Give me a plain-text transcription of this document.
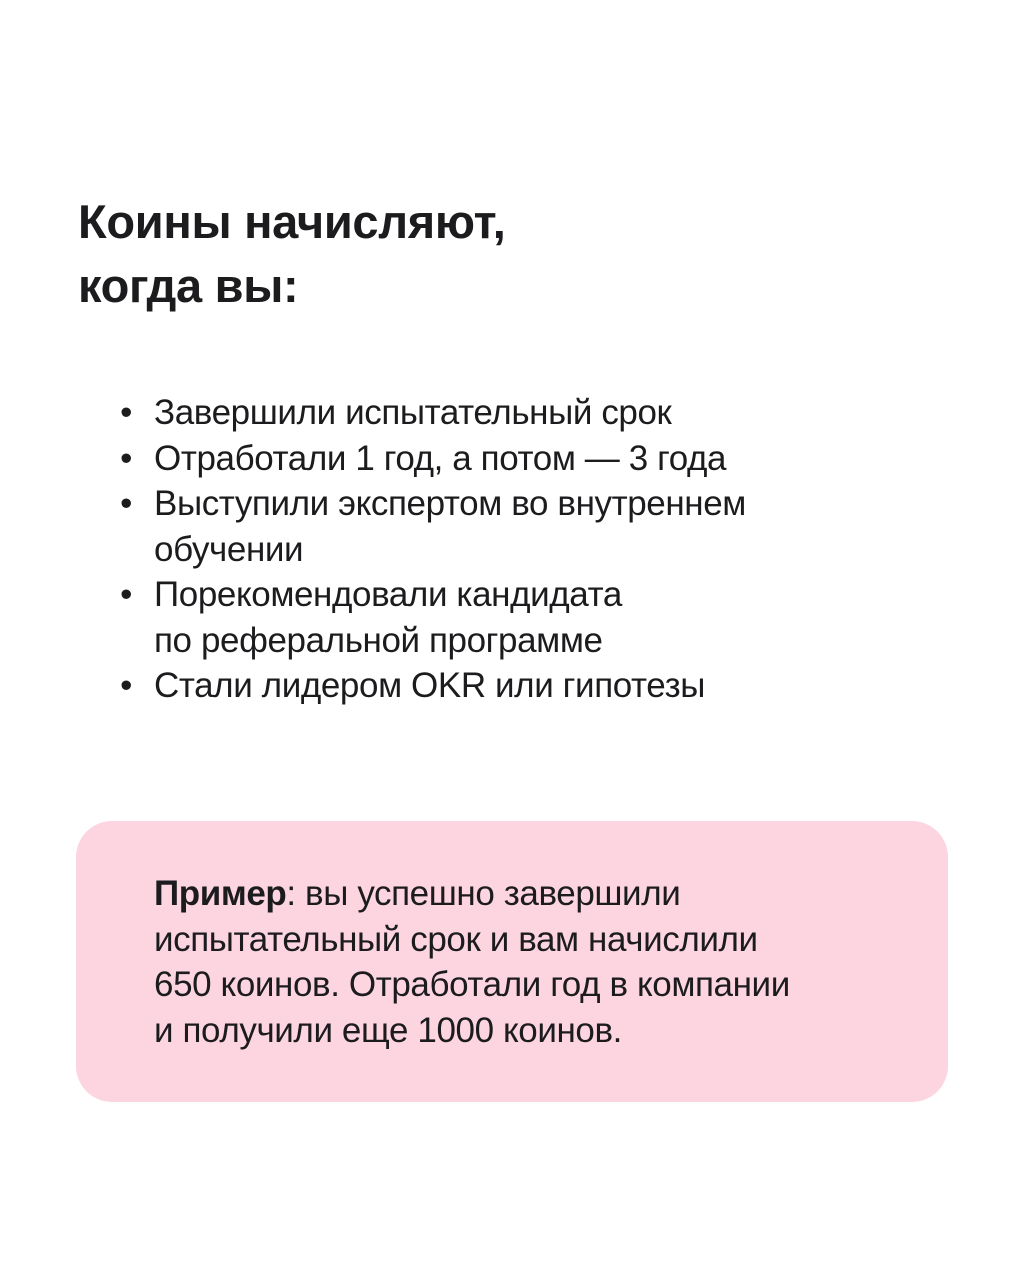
Коины начисляют,
когда вы:
• Завершили испытательный срок
• Отработали 1 год, а потом — 3 года
• Выступили экспертом во внутреннем
обучении
• Порекомендовали кандидата
по реферальной программе
• Стали лидером OKR или гипотезы

Пример: вы успешно завершили
испытательный срок и вам начислили
650 коинов. Отработали год в компании
и получили еще 1000 коинов.
